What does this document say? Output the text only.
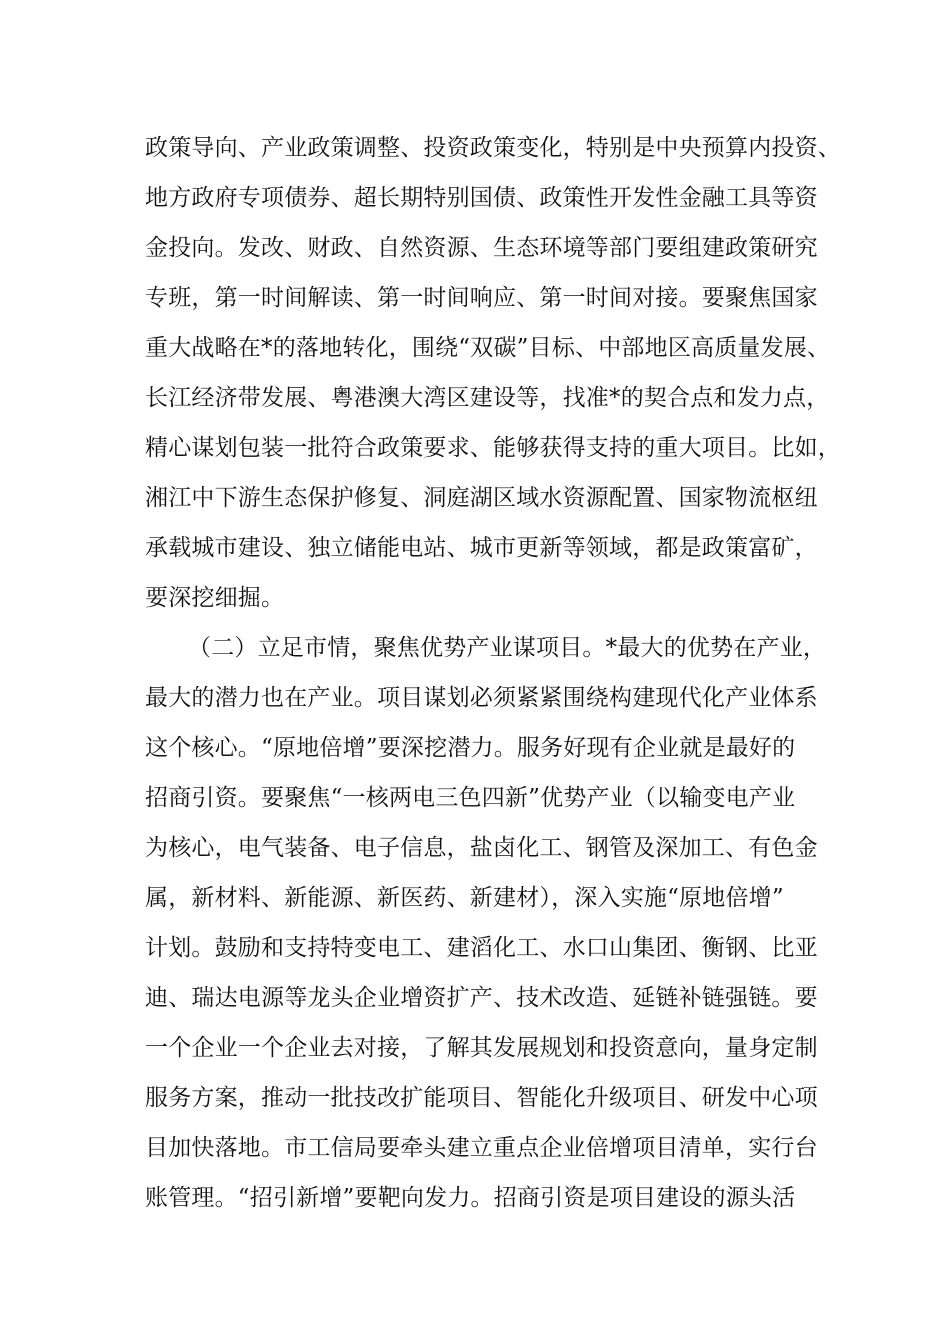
政策导向、产业政策调整、投资政策变化，特别是中央预算内投资、
地方政府专项债券、超长期特别国债、政策性开发性金融工具等资
金投向。发改、财政、自然资源、生态环境等部门要组建政策研究
专班，第一时间解读、第一时间响应、第一时间对接。要聚焦国家
重大战略在*的落地转化，围绕“双碳”目标、中部地区高质量发展、
长江经济带发展、粤港澳大湾区建设等，找准*的契合点和发力点，
精心谋划包装一批符合政策要求、能够获得支持的重大项目。比如，
湘江中下游生态保护修复、洞庭湖区域水资源配置、国家物流枢纽
承载城市建设、独立储能电站、城市更新等领域，都是政策富矿，
要深挖细掘。
（二）立足市情，聚焦优势产业谋项目。*最大的优势在产业，
最大的潜力也在产业。项目谋划必须紧紧围绕构建现代化产业体系
这个核心。“原地倍增”要深挖潜力。服务好现有企业就是最好的
招商引资。要聚焦“一核两电三色四新”优势产业（以输变电产业
为核心，电气装备、电子信息，盐卤化工、钢管及深加工、有色金
属，新材料、新能源、新医药、新建材），深入实施“原地倍增”
计划。鼓励和支持特变电工、建滔化工、水口山集团、衡钢、比亚
迪、瑞达电源等龙头企业增资扩产、技术改造、延链补链强链。要
一个企业一个企业去对接，了解其发展规划和投资意向，量身定制
服务方案，推动一批技改扩能项目、智能化升级项目、研发中心项
目加快落地。市工信局要牵头建立重点企业倍增项目清单，实行台
账管理。“招引新增”要靶向发力。招商引资是项目建设的源头活
